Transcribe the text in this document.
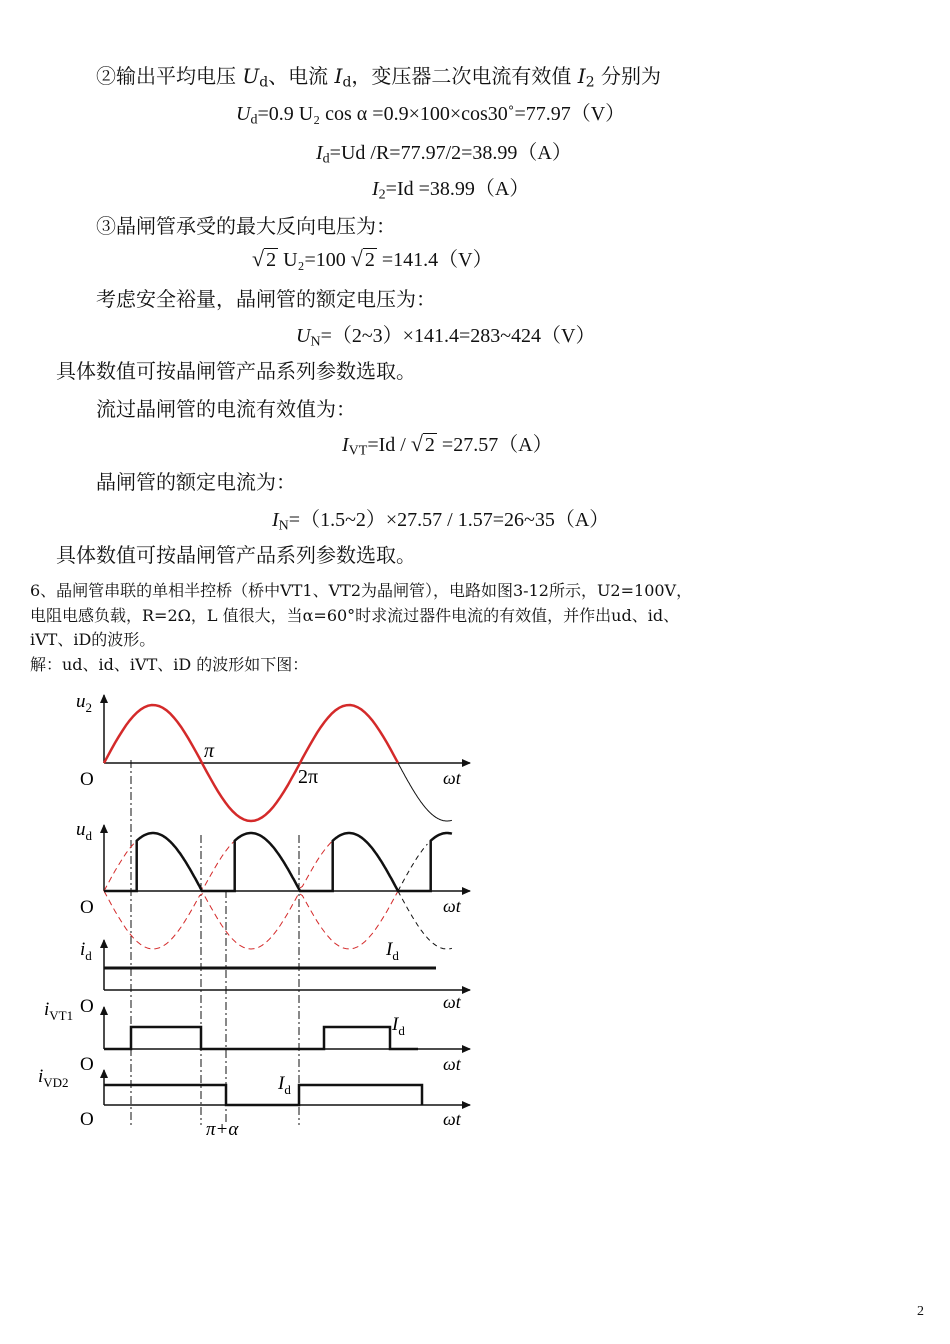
②输出平均电压 $U_d$、电流 $I_d$，变压器二次电流有效值 $I_2$ 分别为
$U_d=0.9$ U₂ cos α =0.9×100×cos30˚=77.97（V）
$I_d=Ud$ /R=77.97/2=38.99（A）
$I_2=Id =38.99(A)$
③晶闸管承受的最大反向电压为：
√ 2 U₂=100 √ 2 =141.4（V）
考虑安全裕量，晶闸管的额定电压为：
$U_N=(2\sim 3)\times 141.4=283\sim 424(V)$
具体数值可按晶闸管产品系列参数选取。
流过晶闸管的电流有效值为：
$I_{VT}=Id$ / √ 2 =27.57（A）
晶闸管的额定电流为：
$I_N=(1.5\sim 2)\times 27.57$ / 1.57=26~35（A）
具体数值可按晶闸管产品系列参数选取。
6、晶闸管串联的单相半控桥（桥中VT1、VT2为晶闸管），电路如图3-12所示，U2=100V，
电阻电感负载，R=2Ω，L 值很大，当α=60°时求流过器件电流的有效值，并作出ud、id、
iVT、iD的波形。
解：ud、id、iVT、iD 的波形如下图：
$u_2$
O
π
2π	ωt
$u_d$
O	ωt
$i_d$	$I_d$
O	ωt
$i_{VT1}$	$I_d$
O	ωt
$i_{VD2}$	$I_d$
O	ωt
π+α
2
